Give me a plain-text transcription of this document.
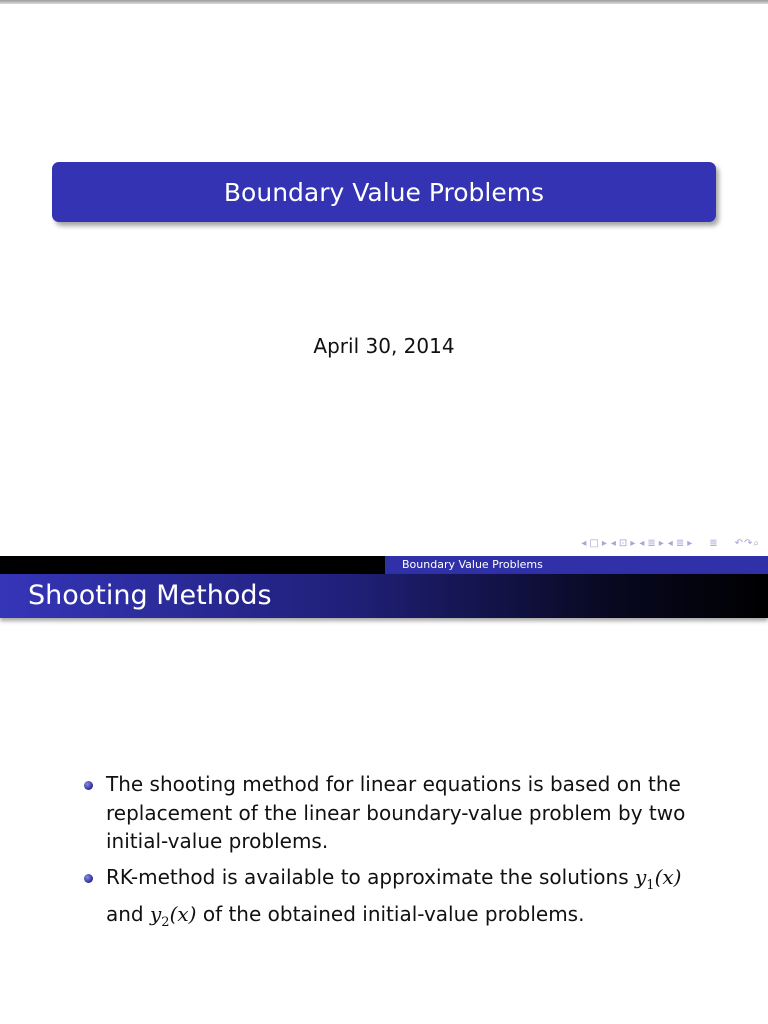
Boundary Value Problems
April 30, 2014
◂ □ ▸ ◂ ⊡ ▸ ◂ ≣ ▸ ◂ ≣ ▸ ≣ ↶↷⌕
Boundary Value Problems
Shooting Methods
The shooting method for linear equations is based on the replacement of the linear boundary-value problem by two initial-value problems.
RK-method is available to approximate the solutions $y_1(x)$ and $y_2(x)$ of the obtained initial-value problems.
